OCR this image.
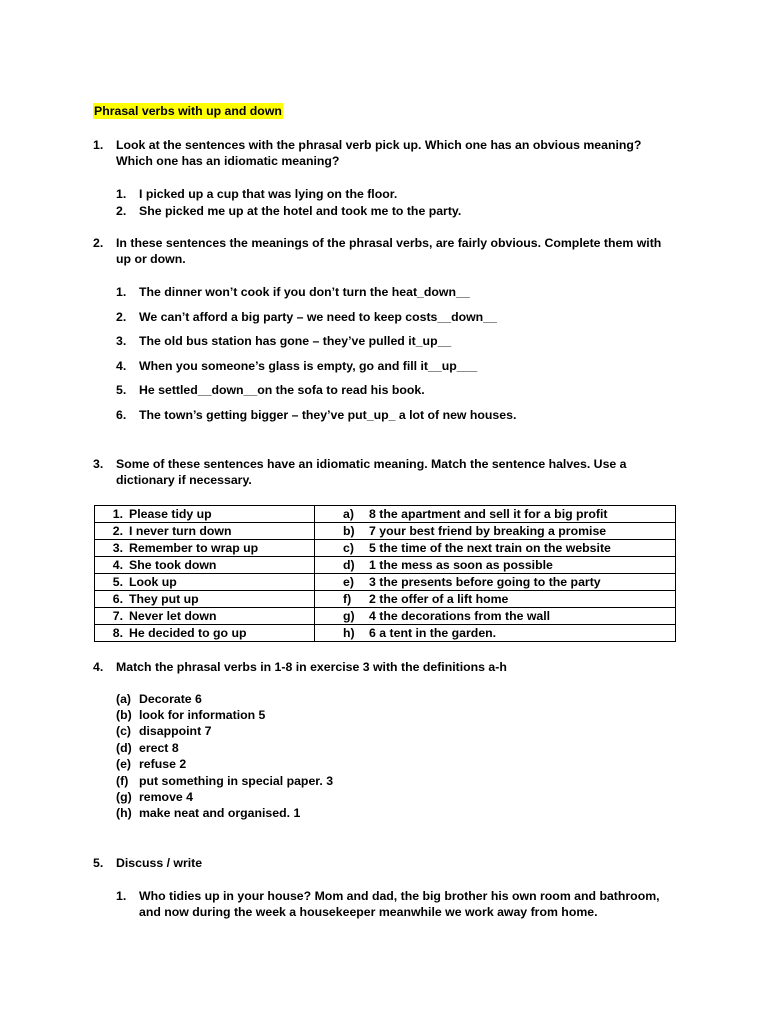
Phrasal verbs with up and down
1. Look at the sentences with the phrasal verb pick up. Which one has an obvious meaning?
Which one has an idiomatic meaning?
1. I picked up a cup that was lying on the floor.
2. She picked me up at the hotel and took me to the party.
2. In these sentences the meanings of the phrasal verbs, are fairly obvious. Complete them with
up or down.
1. The dinner won’t cook if you don’t turn the heat_down__
2. We can’t afford a big party – we need to keep costs__down__
3. The old bus station has gone – they’ve pulled it_up__
4. When you someone’s glass is empty, go and fill it__up___
5. He settled__down__on the sofa to read his book.
6. The town’s getting bigger – they’ve put_up_ a lot of new houses.
3. Some of these sentences have an idiomatic meaning. Match the sentence halves. Use a
dictionary if necessary.
1. Please tidy up	a) 8 the apartment and sell it for a big profit

2. I never turn down	b) 7 your best friend by breaking a promise

3. Remember to wrap up	c) 5 the time of the next train on the website

4. She took down	d) 1 the mess as soon as possible

5. Look up	e) 3 the presents before going to the party

6. They put up	f) 2 the offer of a lift home

7. Never let down	g) 4 the decorations from the wall

8. He decided to go up	h) 6 a tent in the garden.
4. Match the phrasal verbs in 1-8 in exercise 3 with the definitions a-h
(a) Decorate 6
(b) look for information 5
(c) disappoint 7
(d) erect 8
(e) refuse 2
(f) put something in special paper. 3
(g) remove 4
(h) make neat and organised. 1
5. Discuss / write
1. Who tidies up in your house? Mom and dad, the big brother his own room and bathroom,
and now during the week a housekeeper meanwhile we work away from home.
